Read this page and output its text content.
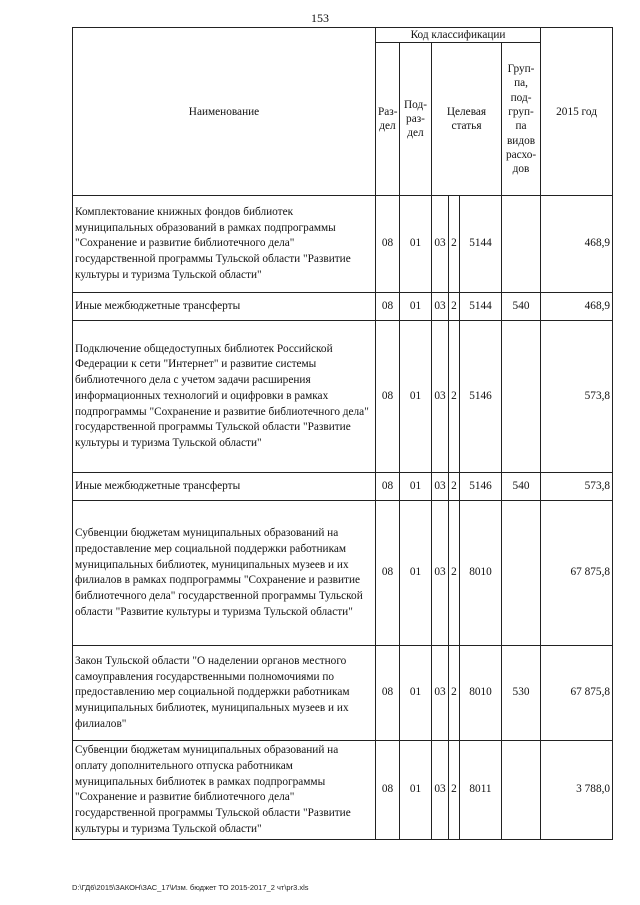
153
Наименование	Код классификации						2015 год
	Раз- дел	Под- раз- дел	Целевая статья			Груп- па, под- груп- па видов расхо- дов	
Комплектование книжных фондов библиотек муниципальных образований в рамках подпрограммы "Сохранение и развитие библиотечного дела" государственной программы Тульской области "Развитие культуры и туризма Тульской области"	08	01	03	2	5144		468,9
Иные межбюджетные трансферты	08	01	03	2	5144	540	468,9
Подключение общедоступных библиотек Российской Федерации к сети "Интернет" и развитие системы библиотечного дела с учетом задачи расширения информационных технологий и оцифровки в рамках подпрограммы "Сохранение и развитие библиотечного дела" государственной программы Тульской области "Развитие культуры и туризма Тульской области"	08	01	03	2	5146		573,8
Иные межбюджетные трансферты	08	01	03	2	5146	540	573,8
Субвенции бюджетам муниципальных образований на предоставление мер социальной поддержки работникам муниципальных библиотек, муниципальных музеев и их филиалов в рамках подпрограммы "Сохранение и развитие библиотечного дела" государственной программы Тульской области "Развитие культуры и туризма Тульской области"	08	01	03	2	8010		67 875,8
Закон Тульской области "О наделении органов местного самоуправления государственными полномочиями по предоставлению мер социальной поддержки работникам муниципальных библиотек, муниципальных музеев и их филиалов"	08	01	03	2	8010	530	67 875,8
Субвенции бюджетам муниципальных образований на оплату дополнительного отпуска работникам муниципальных библиотек в рамках подпрограммы "Сохранение и развитие библиотечного дела" государственной программы Тульской области "Развитие культуры и туризма Тульской области"	08	01	03	2	8011		3 788,0
D:\ГД6\2015\ЗАКОН\ЗАС_17\Изм. бюджет ТО 2015-2017_2 чт\pr3.xls
